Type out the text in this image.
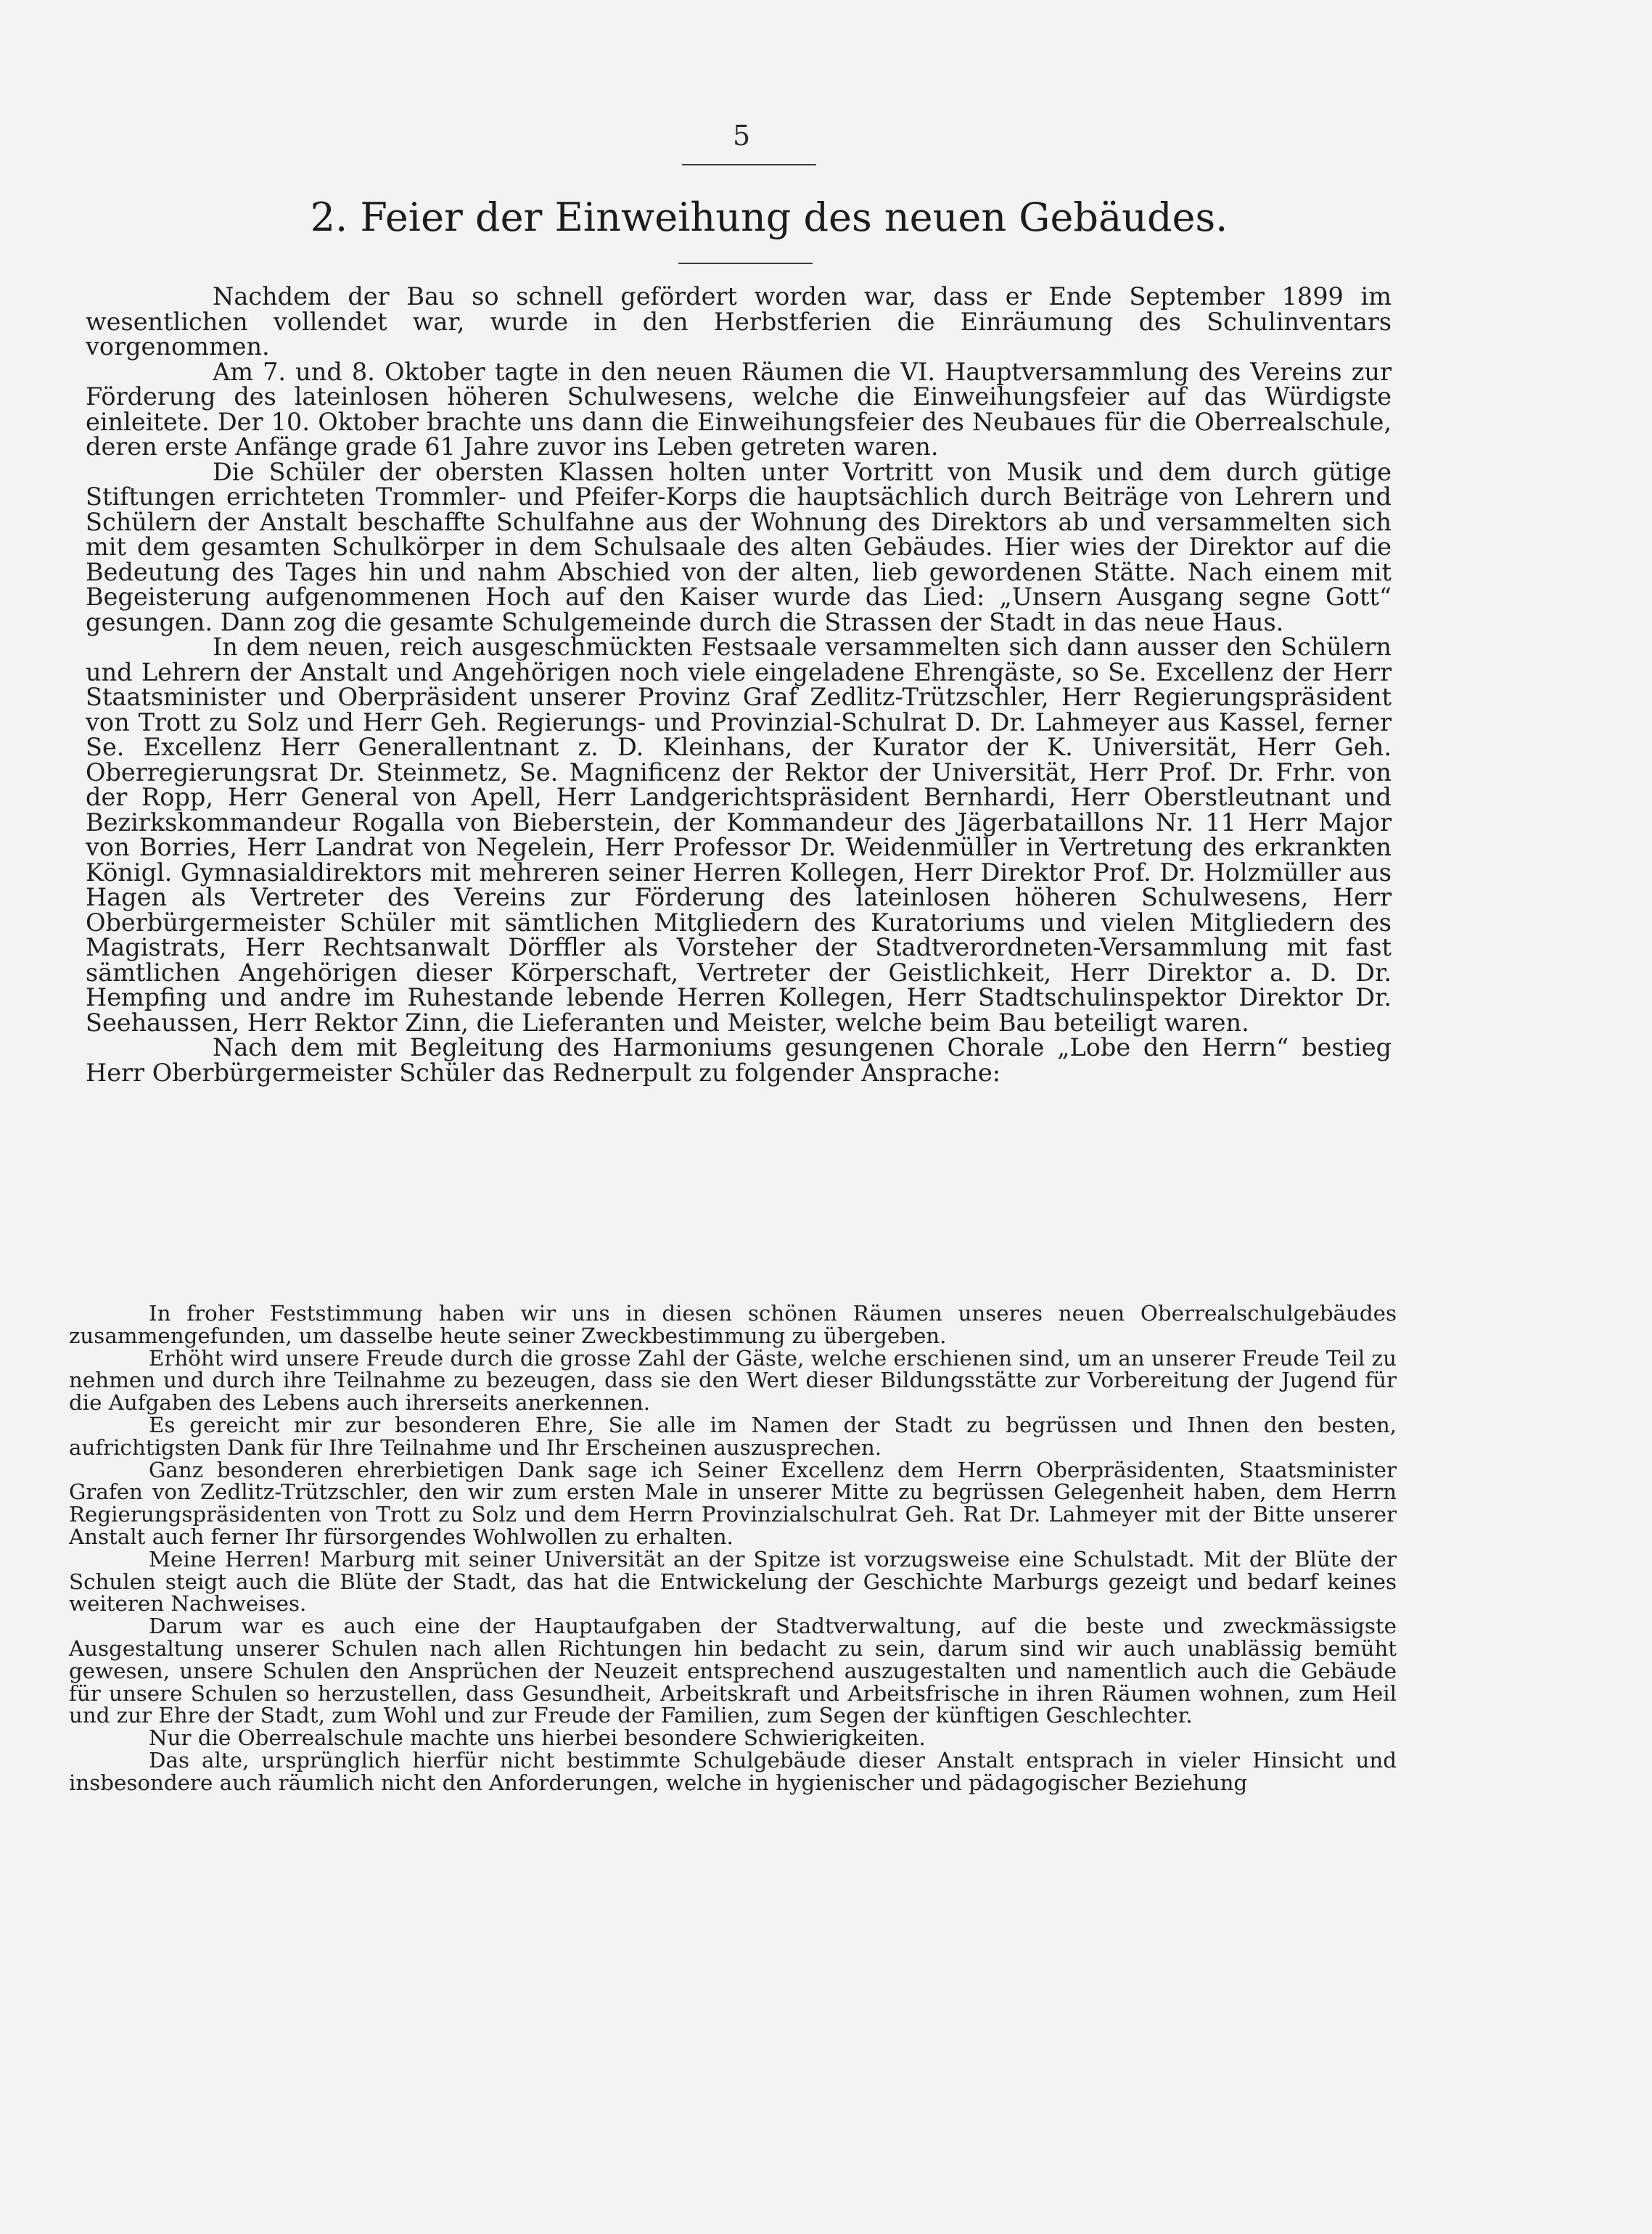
5
2. Feier der Einweihung des neuen Gebäudes.

Nachdem der Bau so schnell gefördert worden war, dass er Ende September 1899 im wesentlichen vollendet war, wurde in den Herbstferien die Einräumung des Schulinventars vorgenommen.

Am 7. und 8. Oktober tagte in den neuen Räumen die VI. Hauptversammlung des Vereins zur Förderung des lateinlosen höheren Schulwesens, welche die Einweihungsfeier auf das Würdigste einleitete. Der 10. Oktober brachte uns dann die Einweihungsfeier des Neubaues für die Oberrealschule, deren erste Anfänge grade 61 Jahre zuvor ins Leben getreten waren.

Die Schüler der obersten Klassen holten unter Vortritt von Musik und dem durch gütige Stiftungen errichteten Trommler- und Pfeifer-Korps die hauptsächlich durch Beiträge von Lehrern und Schülern der Anstalt beschaffte Schulfahne aus der Wohnung des Direktors ab und versammelten sich mit dem gesamten Schulkörper in dem Schulsaale des alten Gebäudes. Hier wies der Direktor auf die Bedeutung des Tages hin und nahm Abschied von der alten, lieb gewordenen Stätte. Nach einem mit Begeisterung aufgenommenen Hoch auf den Kaiser wurde das Lied: „Unsern Ausgang segne Gott“ gesungen. Dann zog die gesamte Schulgemeinde durch die Strassen der Stadt in das neue Haus.

In dem neuen, reich ausgeschmückten Festsaale versammelten sich dann ausser den Schülern und Lehrern der Anstalt und Angehörigen noch viele eingeladene Ehrengäste, so Se. Excellenz der Herr Staatsminister und Oberpräsident unserer Provinz Graf Zedlitz-Trützschler, Herr Regierungspräsident von Trott zu Solz und Herr Geh. Regierungs- und Provinzial-Schulrat D. Dr. Lahmeyer aus Kassel, ferner Se. Excellenz Herr Generallentnant z. D. Kleinhans, der Kurator der K. Universität, Herr Geh. Oberregierungsrat Dr. Steinmetz, Se. Magnificenz der Rektor der Universität, Herr Prof. Dr. Frhr. von der Ropp, Herr General von Apell, Herr Landgerichtspräsident Bernhardi, Herr Oberstleutnant und Bezirkskommandeur Rogalla von Bieberstein, der Kommandeur des Jägerbataillons Nr. 11 Herr Major von Borries, Herr Landrat von Negelein, Herr Professor Dr. Weidenmüller in Vertretung des erkrankten Königl. Gymnasialdirektors mit mehreren seiner Herren Kollegen, Herr Direktor Prof. Dr. Holzmüller aus Hagen als Vertreter des Vereins zur Förderung des lateinlosen höheren Schulwesens, Herr Oberbürgermeister Schüler mit sämtlichen Mitgliedern des Kuratoriums und vielen Mitgliedern des Magistrats, Herr Rechtsanwalt Dörffler als Vorsteher der Stadtverordneten-Versammlung mit fast sämtlichen Angehörigen dieser Körperschaft, Vertreter der Geistlichkeit, Herr Direktor a. D. Dr. Hempfing und andre im Ruhestande lebende Herren Kollegen, Herr Stadtschulinspektor Direktor Dr. Seehaussen, Herr Rektor Zinn, die Lieferanten und Meister, welche beim Bau beteiligt waren.

Nach dem mit Begleitung des Harmoniums gesungenen Chorale „Lobe den Herrn“ bestieg Herr Oberbürgermeister Schüler das Rednerpult zu folgender Ansprache:

In froher Feststimmung haben wir uns in diesen schönen Räumen unseres neuen Oberrealschulgebäudes zusammengefunden, um dasselbe heute seiner Zweckbestimmung zu übergeben.

Erhöht wird unsere Freude durch die grosse Zahl der Gäste, welche erschienen sind, um an unserer Freude Teil zu nehmen und durch ihre Teilnahme zu bezeugen, dass sie den Wert dieser Bildungsstätte zur Vorbereitung der Jugend für die Aufgaben des Lebens auch ihrerseits anerkennen.

Es gereicht mir zur besonderen Ehre, Sie alle im Namen der Stadt zu begrüssen und Ihnen den besten, aufrichtigsten Dank für Ihre Teilnahme und Ihr Erscheinen auszusprechen.

Ganz besonderen ehrerbietigen Dank sage ich Seiner Excellenz dem Herrn Oberpräsidenten, Staatsminister Grafen von Zedlitz-Trützschler, den wir zum ersten Male in unserer Mitte zu begrüssen Gelegenheit haben, dem Herrn Regierungspräsidenten von Trott zu Solz und dem Herrn Provinzialschulrat Geh. Rat Dr. Lahmeyer mit der Bitte unserer Anstalt auch ferner Ihr fürsorgendes Wohlwollen zu erhalten.

Meine Herren! Marburg mit seiner Universität an der Spitze ist vorzugsweise eine Schulstadt. Mit der Blüte der Schulen steigt auch die Blüte der Stadt, das hat die Entwickelung der Geschichte Marburgs gezeigt und bedarf keines weiteren Nachweises.

Darum war es auch eine der Hauptaufgaben der Stadtverwaltung, auf die beste und zweckmässigste Ausgestaltung unserer Schulen nach allen Richtungen hin bedacht zu sein, darum sind wir auch unablässig bemüht gewesen, unsere Schulen den Ansprüchen der Neuzeit entsprechend auszugestalten und namentlich auch die Gebäude für unsere Schulen so herzustellen, dass Gesundheit, Arbeitskraft und Arbeitsfrische in ihren Räumen wohnen, zum Heil und zur Ehre der Stadt, zum Wohl und zur Freude der Familien, zum Segen der künftigen Geschlechter.

Nur die Oberrealschule machte uns hierbei besondere Schwierigkeiten.

Das alte, ursprünglich hierfür nicht bestimmte Schulgebäude dieser Anstalt entsprach in vieler Hinsicht und insbesondere auch räumlich nicht den Anforderungen, welche in hygienischer und pädagogischer Beziehung
